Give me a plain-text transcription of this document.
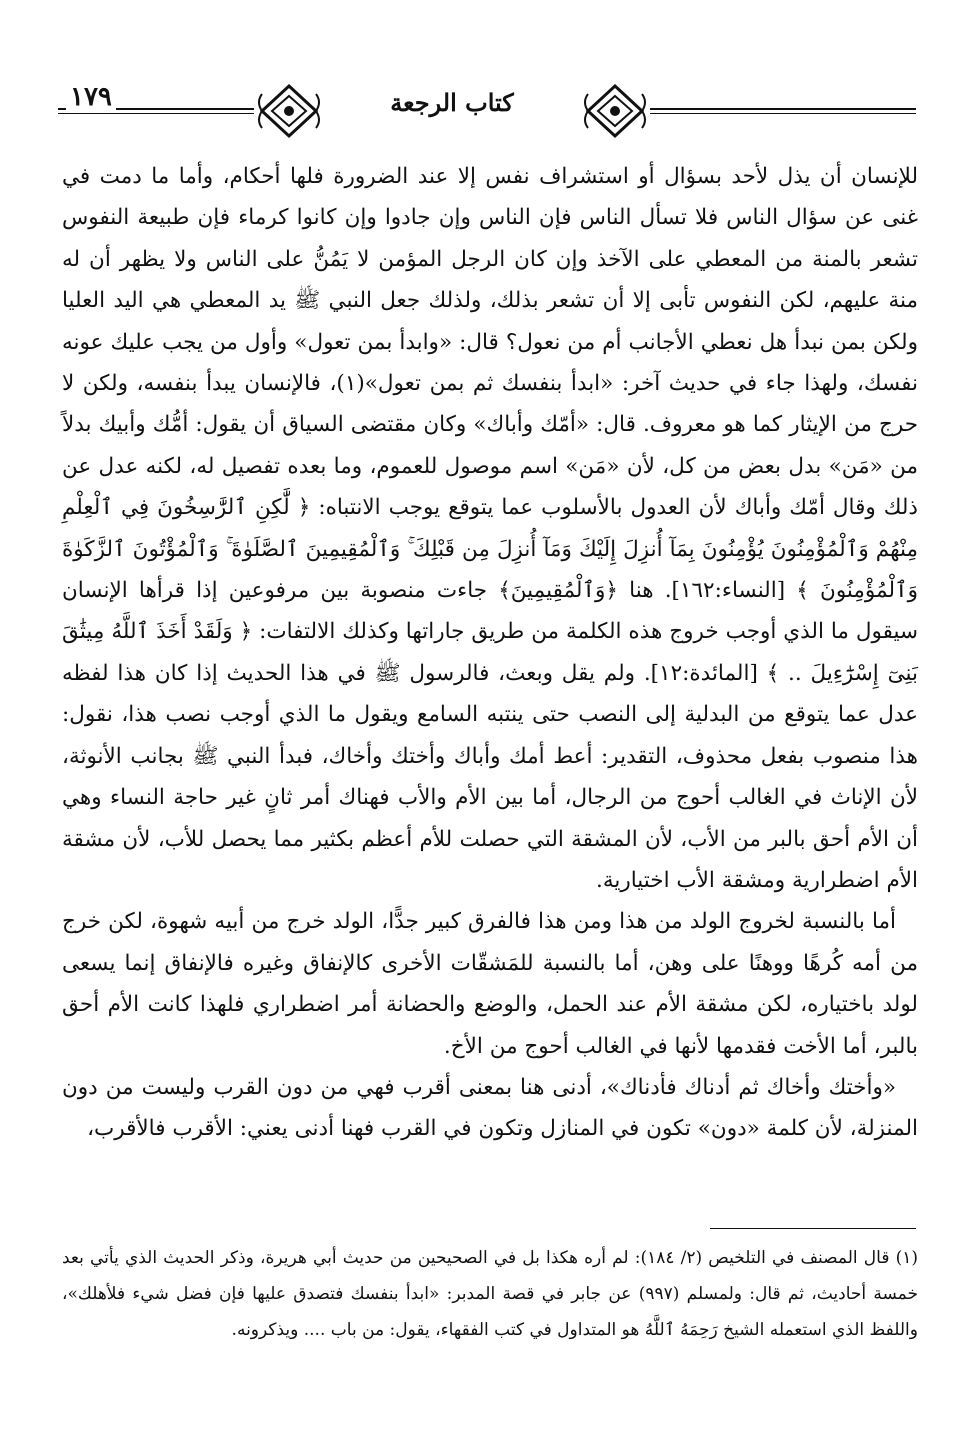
١٧٩	كتاب الرجعة

للإنسان أن يذل لأحد بسؤال أو استشراف نفس إلا عند الضرورة فلها أحكام، وأما ما دمت في غنى عن سؤال الناس فلا تسأل الناس فإن الناس وإن جادوا وإن كانوا كرماء فإن طبيعة النفوس تشعر بالمنة من المعطي على الآخذ وإن كان الرجل المؤمن لا يَمُنُّ على الناس ولا يظهر أن له منة عليهم، لكن النفوس تأبى إلا أن تشعر بذلك، ولذلك جعل النبي ﷺ يد المعطي هي اليد العليا ولكن بمن نبدأ هل نعطي الأجانب أم من نعول؟ قال: «وابدأ بمن تعول» وأول من يجب عليك عونه نفسك، ولهذا جاء في حديث آخر: «ابدأ بنفسك ثم بمن تعول»(١)، فالإنسان يبدأ بنفسه، ولكن لا حرج من الإيثار كما هو معروف. قال: «أمّك وأباك» وكان مقتضى السياق أن يقول: أمُّك وأبيك بدلاً من «مَن» بدل بعض من كل، لأن «مَن» اسم موصول للعموم، وما بعده تفصيل له، لكنه عدل عن ذلك وقال أمّك وأباك لأن العدول بالأسلوب عما يتوقع يوجب الانتباه: ﴿ لَّٰكِنِ ٱلرَّٰسِخُونَ فِي ٱلْعِلْمِ مِنْهُمْ وَٱلْمُؤْمِنُونَ يُؤْمِنُونَ بِمَآ أُنزِلَ إِلَيْكَ وَمَآ أُنزِلَ مِن قَبْلِكَ ۚ وَٱلْمُقِيمِينَ ٱلصَّلَوٰةَ ۚ وَٱلْمُؤْتُونَ ٱلزَّكَوٰةَ وَٱلْمُؤْمِنُونَ ﴾ [النساء:١٦٢]. هنا ﴿وَٱلْمُقِيمِينَ﴾ جاءت منصوبة بين مرفوعين إذا قرأها الإنسان سيقول ما الذي أوجب خروج هذه الكلمة من طريق جاراتها وكذلك الالتفات: ﴿ وَلَقَدْ أَخَذَ ٱللَّهُ مِيثَٰقَ بَنِىٓ إِسْرَٰٓءِيلَ .. ﴾ [المائدة:١٢]. ولم يقل وبعث، فالرسول ﷺ في هذا الحديث إذا كان هذا لفظه عدل عما يتوقع من البدلية إلى النصب حتى ينتبه السامع ويقول ما الذي أوجب نصب هذا، نقول: هذا منصوب بفعل محذوف، التقدير: أعط أمك وأباك وأختك وأخاك، فبدأ النبي ﷺ بجانب الأنوثة، لأن الإناث في الغالب أحوج من الرجال، أما بين الأم والأب فهناك أمر ثانٍ غير حاجة النساء وهي أن الأم أحق بالبر من الأب، لأن المشقة التي حصلت للأم أعظم بكثير مما يحصل للأب، لأن مشقة الأم اضطرارية ومشقة الأب اختيارية.

أما بالنسبة لخروج الولد من هذا ومن هذا فالفرق كبير جدًّا، الولد خرج من أبيه شهوة، لكن خرج من أمه كُرهًا ووهنًا على وهن، أما بالنسبة للمَشقّات الأخرى كالإنفاق وغيره فالإنفاق إنما يسعى لولد باختياره، لكن مشقة الأم عند الحمل، والوضع والحضانة أمر اضطراري فلهذا كانت الأم أحق بالبر، أما الأخت فقدمها لأنها في الغالب أحوج من الأخ.

«وأختك وأخاك ثم أدناك فأدناك»، أدنى هنا بمعنى أقرب فهي من دون القرب وليست من دون المنزلة، لأن كلمة «دون» تكون في المنازل وتكون في القرب فهنا أدنى يعني: الأقرب فالأقرب،

(١) قال المصنف في التلخيص (٢/ ١٨٤): لم أره هكذا بل في الصحيحين من حديث أبي هريرة، وذكر الحديث الذي يأتي بعد خمسة أحاديث، ثم قال: ولمسلم (٩٩٧) عن جابر في قصة المدبر: «ابدأ بنفسك فتصدق عليها فإن فضل شيء فلأهلك»، واللفظ الذي استعمله الشيخ رَحِمَهُ ٱللَّهُ هو المتداول في كتب الفقهاء، يقول: من باب .... ويذكرونه.
